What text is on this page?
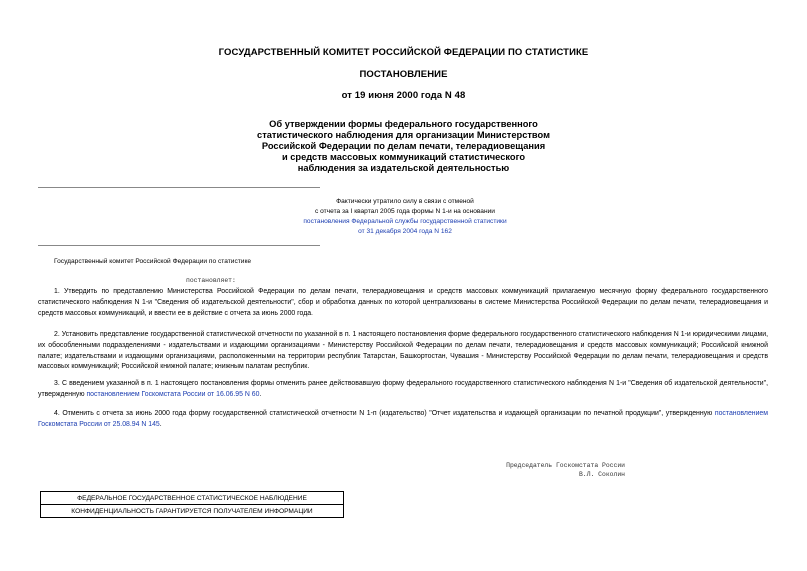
ГОСУДАРСТВЕННЫЙ КОМИТЕТ РОССИЙСКОЙ ФЕДЕРАЦИИ ПО СТАТИСТИКЕ
ПОСТАНОВЛЕНИЕ
от 19 июня 2000 года N 48
Об утверждении формы федерального государственного
статистического наблюдения для организации Министерством
Российской Федерации по делам печати, телерадиовещания
и средств массовых коммуникаций статистического
наблюдения за издательской деятельностью
Фактически утратило силу в связи с отменой
с отчета за I квартал 2005 года формы N 1-и на основании
постановления Федеральной службы государственной статистики
от 31 декабря 2004 года N 162
Государственный комитет Российской Федерации по статистике
постановляет:
1. Утвердить по представлению Министерства Российской Федерации по делам печати, телерадиовещания и средств массовых коммуникаций прилагаемую месячную форму федерального государственного статистического наблюдения N 1-и "Сведения об издательской деятельности", сбор и обработка данных по которой централизованы в системе Министерства Российской Федерации по делам печати, телерадиовещания и средств массовых коммуникаций, и ввести ее в действие с отчета за июнь 2000 года.
2. Установить представление государственной статистической отчетности по указанной в п. 1 настоящего постановления форме федерального государственного статистического наблюдения N 1-и юридическими лицами, их обособленными подразделениями - издательствами и издающими организациями - Министерству Российской Федерации по делам печати, телерадиовещания и средств массовых коммуникаций; Российской книжной палате; издательствами и издающими организациями, расположенными на территории республик Татарстан, Башкортостан, Чувашия - Министерству Российской Федерации по делам печати, телерадиовещания и средств массовых коммуникаций; Российской книжной палате; книжным палатам республик.
3. С введением указанной в п. 1 настоящего постановления формы отменить ранее действовавшую форму федерального государственного статистического наблюдения N 1-и "Сведения об издательской деятельности", утвержденную постановлением Госкомстата России от 16.06.95 N 60.
4. Отменить с отчета за июнь 2000 года форму государственной статистической отчетности N 1-п (издательство) "Отчет издательства и издающей организации по печатной продукции", утвержденную постановлением Госкомстата России от 25.08.94 N 145.
Председатель Госкомстата России
В.Л. Соколин
ФЕДЕРАЛЬНОЕ ГОСУДАРСТВЕННОЕ СТАТИСТИЧЕСКОЕ НАБЛЮДЕНИЕ
КОНФИДЕНЦИАЛЬНОСТЬ ГАРАНТИРУЕТСЯ ПОЛУЧАТЕЛЕМ ИНФОРМАЦИИ
